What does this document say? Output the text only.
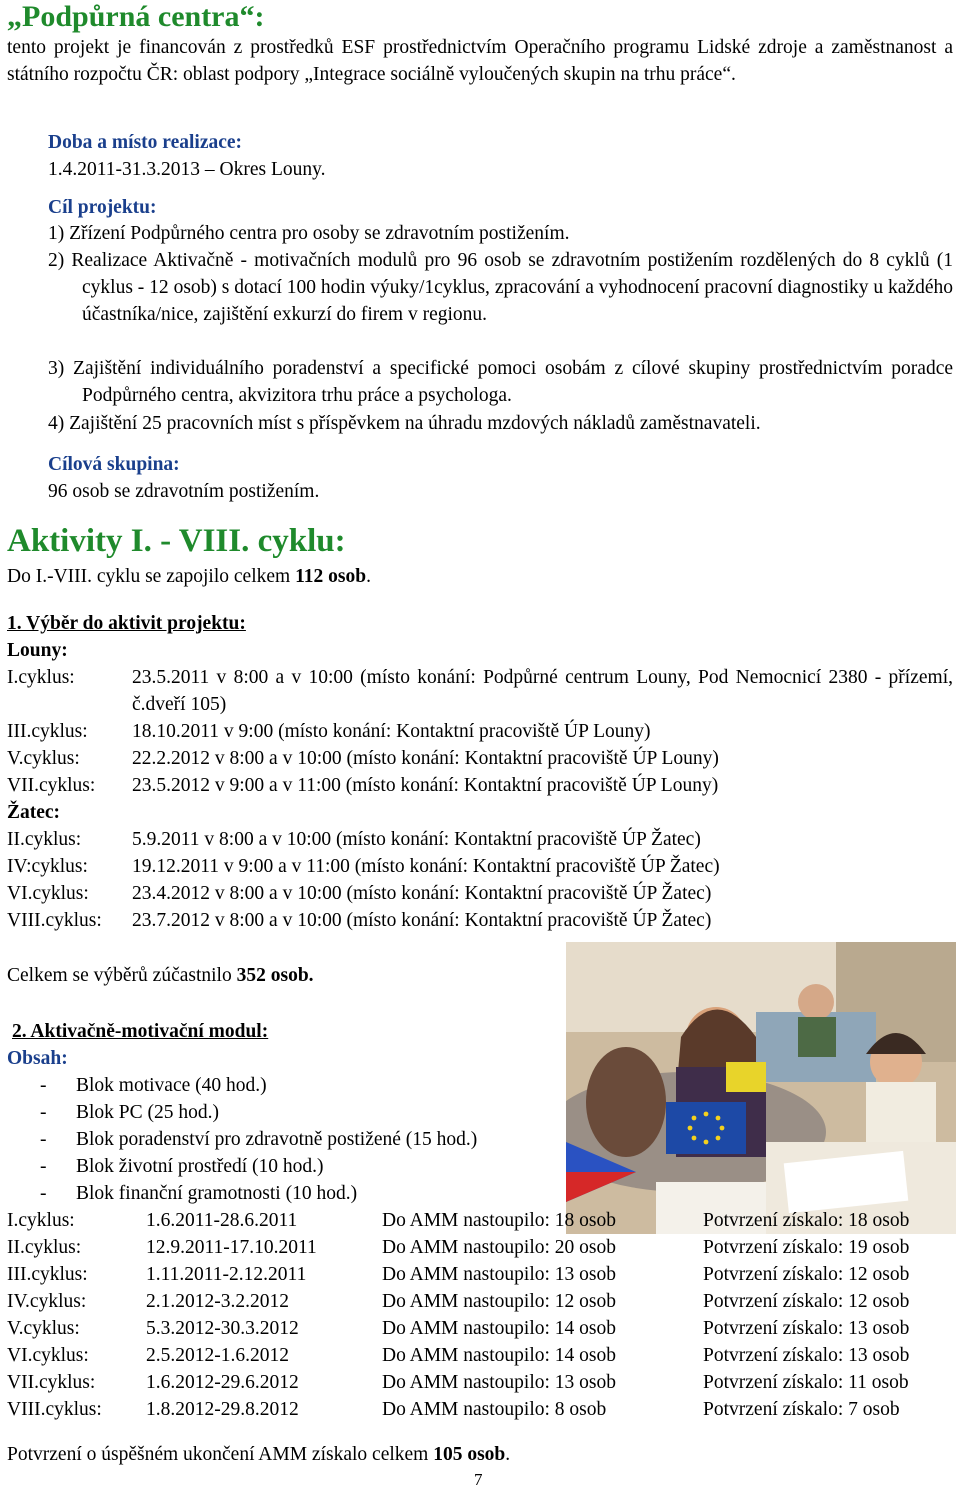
„Podpůrná centra“:
tento projekt je financován z prostředků ESF prostřednictvím Operačního programu Lidské zdroje a zaměstnanost a státního rozpočtu ČR: oblast podpory „Integrace sociálně vyloučených skupin na trhu práce“.
Doba a místo realizace:
1.4.2011-31.3.2013 – Okres Louny.
Cíl projektu:
1) Zřízení Podpůrného centra pro osoby se zdravotním postižením.
2) Realizace Aktivačně - motivačních modulů pro 96 osob se zdravotním postižením rozdělených do 8 cyklů (1 cyklus - 12 osob) s dotací 100 hodin výuky/1cyklus, zpracování a vyhodnocení pracovní diagnostiky u každého účastníka/nice, zajištění exkurzí do firem v regionu.
3) Zajištění individuálního poradenství a specifické pomoci osobám z cílové skupiny prostřednictvím poradce Podpůrného centra, akvizitora trhu práce a psychologa.
4) Zajištění 25 pracovních míst s příspěvkem na úhradu mzdových nákladů zaměstnavateli.
Cílová skupina:
96 osob se zdravotním postižením.
Aktivity I. - VIII. cyklu:
Do I.-VIII. cyklu se zapojilo celkem 112 osob.
1. Výběr do aktivit projektu:
Louny:
I.cyklus:	23.5.2011 v 8:00 a v 10:00 (místo konání: Podpůrné centrum Louny, Pod Nemocnicí 2380 - přízemí, č.dveří 105)
III.cyklus: 18.10.2011 v 9:00 (místo konání: Kontaktní pracoviště ÚP Louny)
V.cyklus:	22.2.2012 v 8:00 a v 10:00 (místo konání: Kontaktní pracoviště ÚP Louny)
VII.cyklus: 23.5.2012 v 9:00 a v 11:00 (místo konání: Kontaktní pracoviště ÚP Louny)
Žatec:
II.cyklus:	5.9.2011 v 8:00 a v 10:00 (místo konání: Kontaktní pracoviště ÚP Žatec)
IV:cyklus: 19.12.2011 v 9:00 a v 11:00 (místo konání: Kontaktní pracoviště ÚP Žatec)
VI.cyklus: 23.4.2012 v 8:00 a v 10:00 (místo konání: Kontaktní pracoviště ÚP Žatec)
VIII.cyklus: 23.7.2012 v 8:00 a v 10:00 (místo konání: Kontaktní pracoviště ÚP Žatec)
Celkem se výběrů zúčastnilo 352 osob.
2. Aktivačně-motivační modul:
Obsah:
- Blok motivace (40 hod.)
- Blok PC (25 hod.)
- Blok poradenství pro zdravotně postižené (15 hod.)
- Blok životní prostředí (10 hod.)
- Blok finanční gramotnosti (10 hod.)
I.cyklus:	1.6.2011-28.6.2011	Do AMM nastoupilo: 18 osob	Potvrzení získalo: 18 osob
II.cyklus:	12.9.2011-17.10.2011	Do AMM nastoupilo: 20 osob	Potvrzení získalo: 19 osob
III.cyklus:	1.11.2011-2.12.2011	Do AMM nastoupilo: 13 osob	Potvrzení získalo: 12 osob
IV.cyklus:	2.1.2012-3.2.2012	Do AMM nastoupilo: 12 osob	Potvrzení získalo: 12 osob
V.cyklus:	5.3.2012-30.3.2012	Do AMM nastoupilo: 14 osob	Potvrzení získalo: 13 osob
VI.cyklus:	2.5.2012-1.6.2012	Do AMM nastoupilo: 14 osob	Potvrzení získalo: 13 osob
VII.cyklus:	1.6.2012-29.6.2012	Do AMM nastoupilo: 13 osob	Potvrzení získalo: 11 osob
VIII.cyklus: 1.8.2012-29.8.2012	Do AMM nastoupilo: 8 osob	Potvrzení získalo: 7 osob
Potvrzení o úspěšném ukončení AMM získalo celkem 105 osob.
7
